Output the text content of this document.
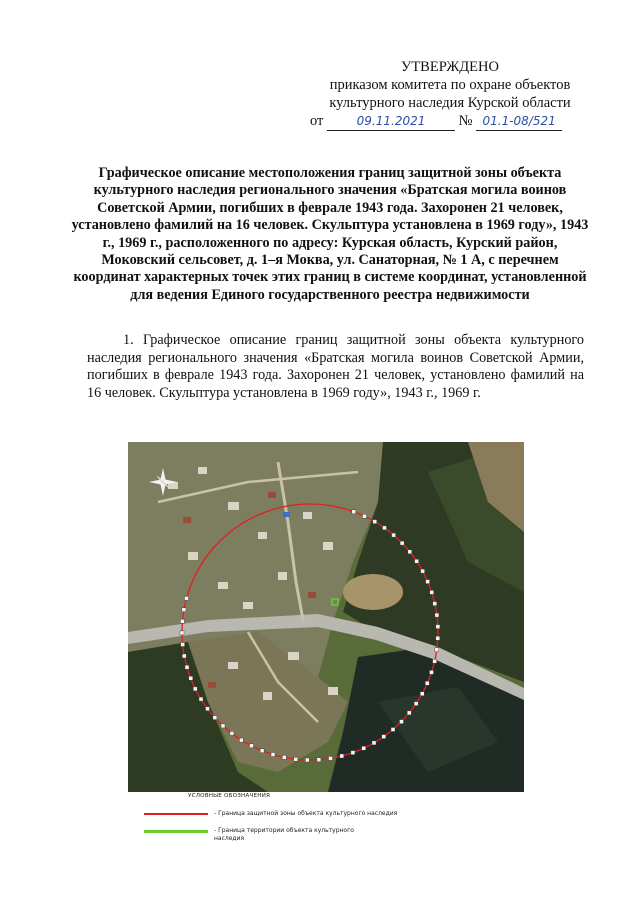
УТВЕРЖДЕНО
приказом комитета по охране объектов
культурного наследия Курской области
от	09.11.2021 № 01.1-08/521
Графическое описание местоположения границ защитной зоны объекта культурного наследия регионального значения «Братская могила воинов Советской Армии, погибших в феврале 1943 года. Захоронен 21 человек, установлено фамилий на 16 человек. Скульптура установлена в 1969 году», 1943 г., 1969 г., расположенного по адресу: Курская область, Курский район, Моковский сельсовет, д. 1–я Моква, ул. Санаторная, № 1 А, с перечнем координат характерных точек этих границ в системе координат, установленной для ведения Единого государственного реестра недвижимости

1. Графическое описание границ защитной зоны объекта культурного наследия регионального значения «Братская могила воинов Советской Армии, погибших в феврале 1943 года. Захоронен 21 человек, установлено фамилий на 16 человек. Скульптура установлена в 1969 году», 1943 г., 1969 г.

УСЛОВНЫЕ ОБОЗНАЧЕНИЯ
- Граница защитной зоны объекта культурного наследия
- Граница территории объекта культурного наследия
